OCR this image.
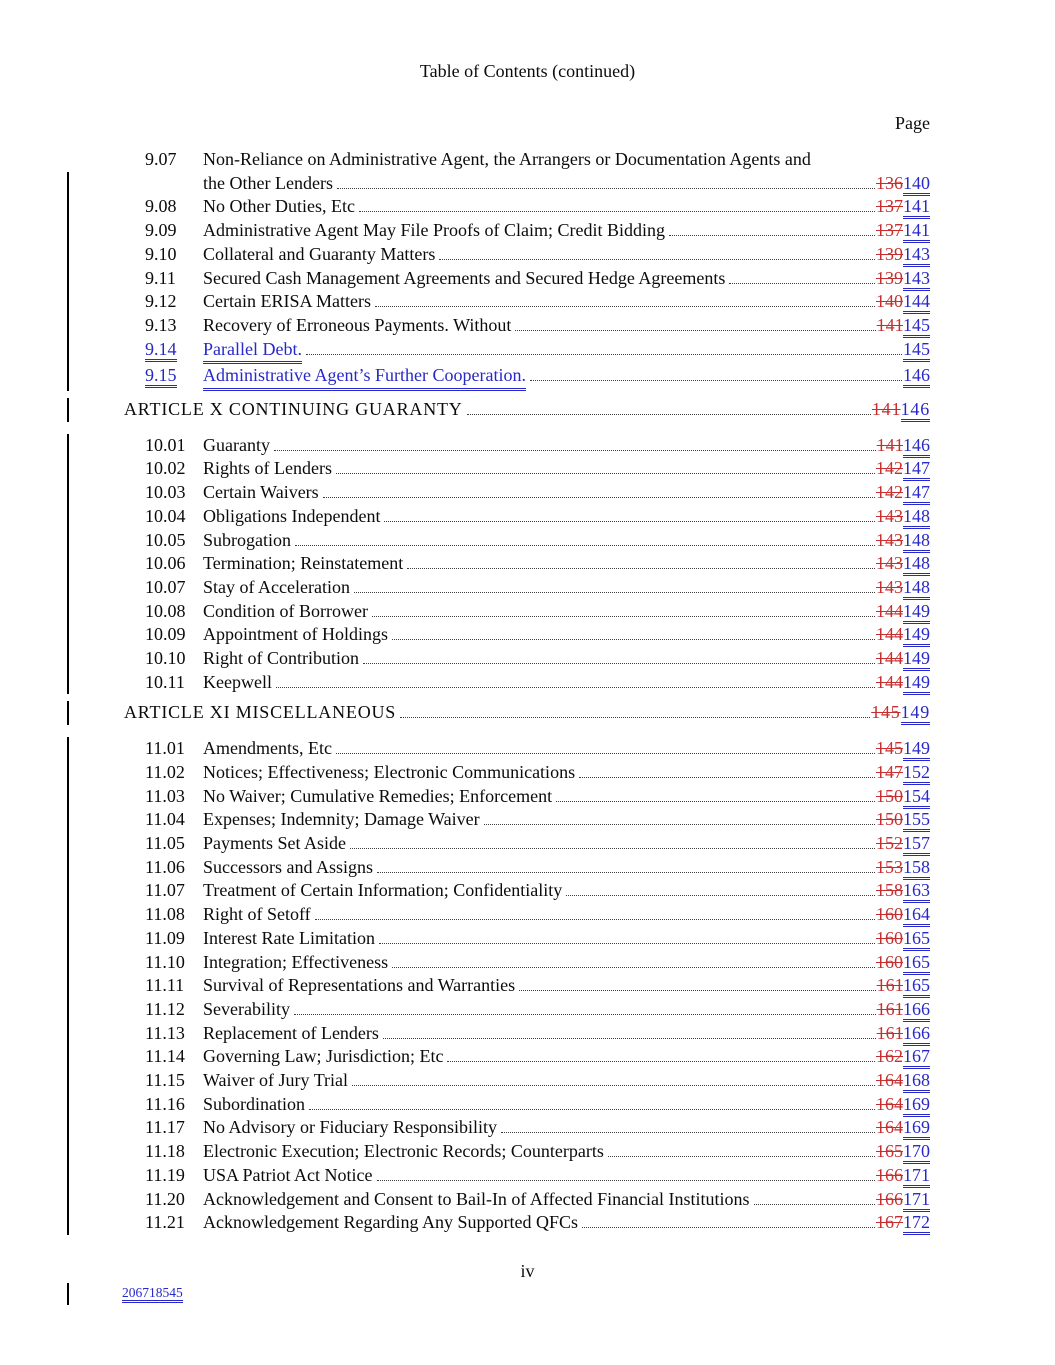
Table of Contents (continued)
Page
9.07	Non-Reliance on Administrative Agent, the Arrangers or Documentation Agents and
the Other Lenders	136140
9.08	No Other Duties, Etc	137141
9.09	Administrative Agent May File Proofs of Claim; Credit Bidding	137141
9.10	Collateral and Guaranty Matters	139143
9.11	Secured Cash Management Agreements and Secured Hedge Agreements	139143
9.12	Certain ERISA Matters	140144
9.13	Recovery of Erroneous Payments. Without	141145
9.14	Parallel Debt.	145
9.15	Administrative Agent’s Further Cooperation.	146
ARTICLE X CONTINUING GUARANTY	141146
10.01 Guaranty	141146
10.02 Rights of Lenders	142147
10.03 Certain Waivers	142147
10.04 Obligations Independent	143148
10.05 Subrogation	143148
10.06 Termination; Reinstatement	143148
10.07 Stay of Acceleration	143148
10.08 Condition of Borrower	144149
10.09 Appointment of Holdings	144149
10.10 Right of Contribution	144149
10.11	Keepwell	144149
ARTICLE XI MISCELLANEOUS	145149
11.01	Amendments, Etc	145149
11.02	Notices; Effectiveness; Electronic Communications	147152
11.03	No Waiver; Cumulative Remedies; Enforcement	150154
11.04	Expenses; Indemnity; Damage Waiver	150155
11.05	Payments Set Aside	152157
11.06	Successors and Assigns	153158
11.07	Treatment of Certain Information; Confidentiality	158163
11.08	Right of Setoff	160164
11.09	Interest Rate Limitation	160165
11.10	Integration; Effectiveness	160165
11.11	Survival of Representations and Warranties	161165
11.12	Severability	161166
11.13	Replacement of Lenders	161166
11.14	Governing Law; Jurisdiction; Etc	162167
11.15	Waiver of Jury Trial	164168
11.16	Subordination	164169
11.17	No Advisory or Fiduciary Responsibility	164169
11.18	Electronic Execution; Electronic Records; Counterparts	165170
11.19	USA Patriot Act Notice	166171
11.20	Acknowledgement and Consent to Bail-In of Affected Financial Institutions	166171
11.21	Acknowledgement Regarding Any Supported QFCs	167172
iv
206718545
